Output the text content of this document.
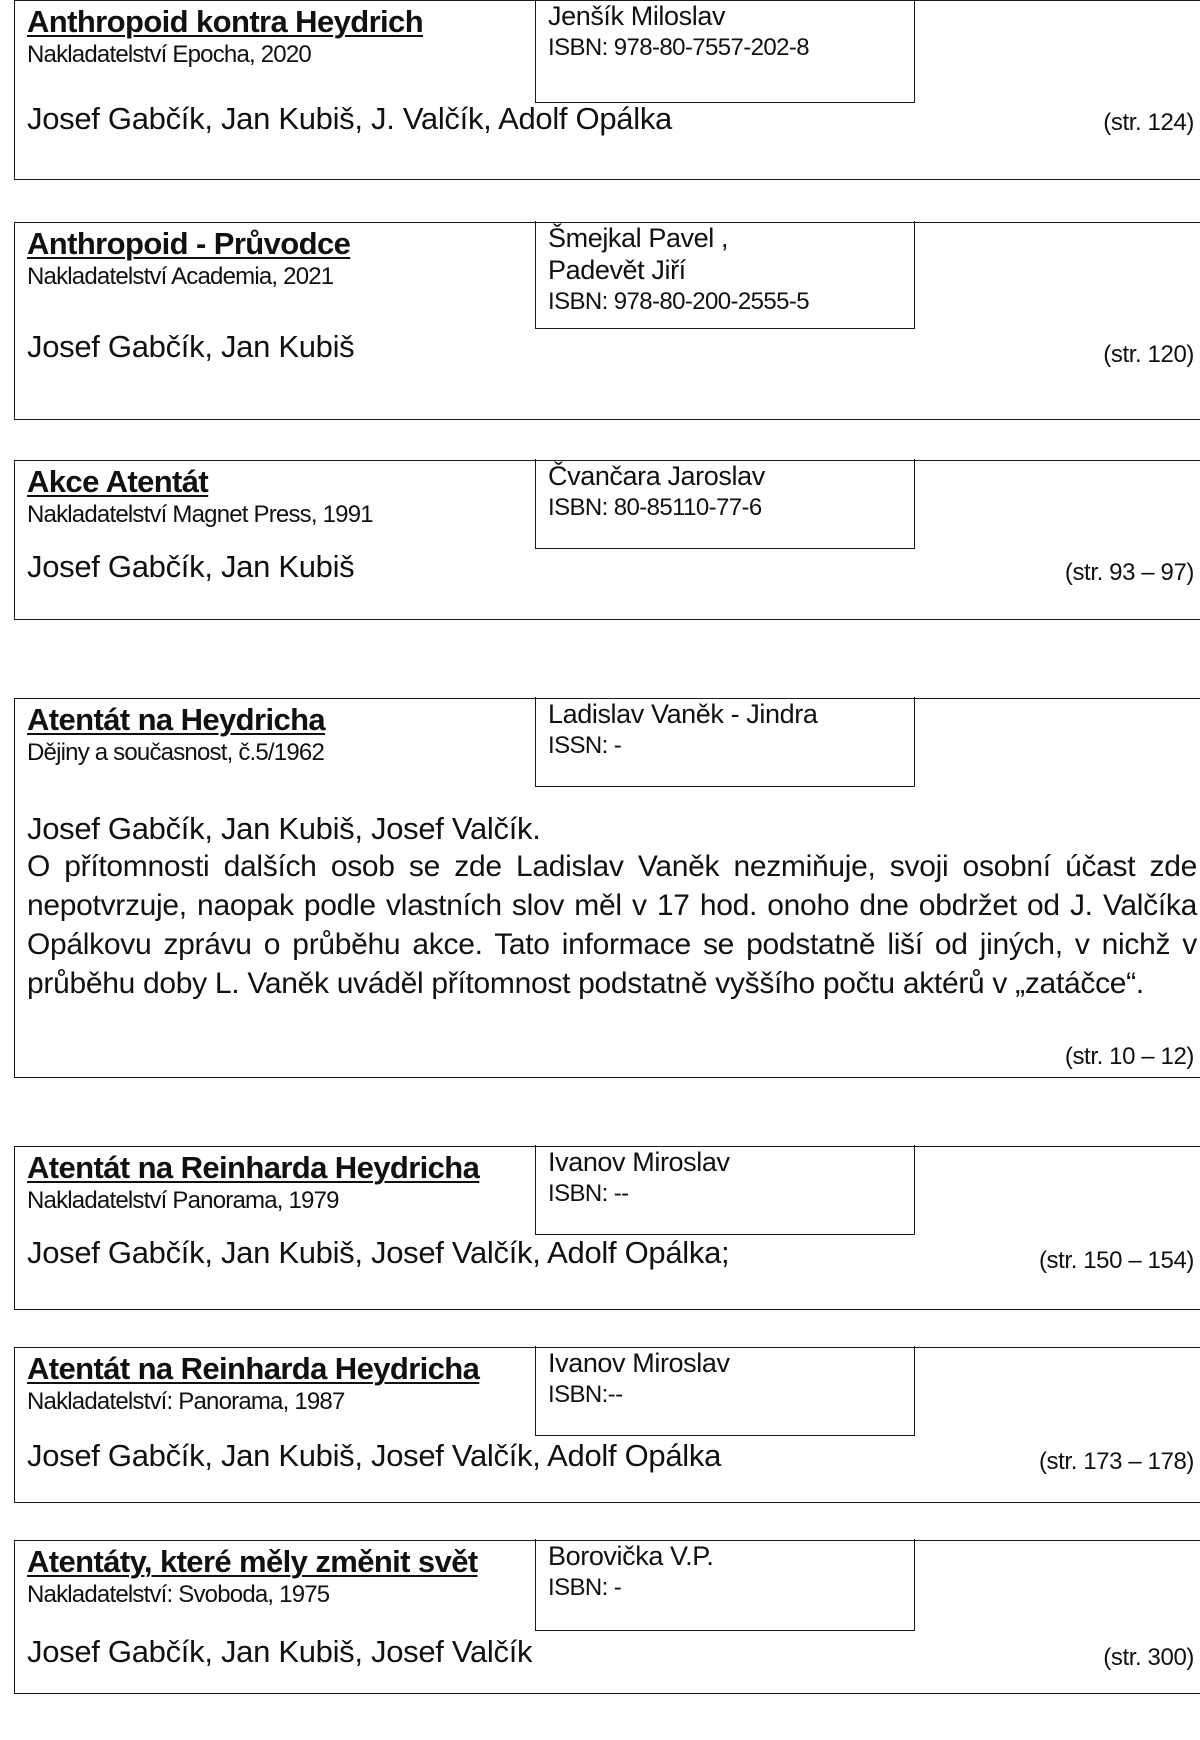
Anthropoid kontra Heydrich
Nakladatelství Epocha, 2020
Jenšík Miloslav
ISBN: 978-80-7557-202-8
Josef Gabčík, Jan Kubiš, J. Valčík, Adolf Opálka	(str. 124)
Anthropoid - Průvodce
Nakladatelství Academia, 2021
Šmejkal Pavel ,
Padevět Jiří
ISBN: 978-80-200-2555-5
Josef Gabčík, Jan Kubiš	(str. 120)
Akce Atentát
Nakladatelství Magnet Press, 1991
Čvančara Jaroslav
ISBN: 80-85110-77-6
Josef Gabčík, Jan Kubiš	(str. 93 – 97)
Atentát na Heydricha
Dějiny a současnost, č.5/1962
Ladislav Vaněk - Jindra
ISSN: -
Josef Gabčík, Jan Kubiš, Josef Valčík.
O přítomnosti dalších osob se zde Ladislav Vaněk nezmiňuje, svoji osobní účast zde nepotvrzuje, naopak podle vlastních slov měl v 17 hod. onoho dne obdržet od J. Valčíka Opálkovu zprávu o průběhu akce. Tato informace se podstatně liší od jiných, v nichž v průběhu doby L. Vaněk uváděl přítomnost podstatně vyššího počtu aktérů v „zatáčce“.
(str. 10 – 12)
Atentát na Reinharda Heydricha
Nakladatelství Panorama, 1979
Ivanov Miroslav
ISBN: --
Josef Gabčík, Jan Kubiš, Josef Valčík, Adolf Opálka;	(str. 150 – 154)
Atentát na Reinharda Heydricha
Nakladatelství: Panorama, 1987
Ivanov Miroslav
ISBN:--
Josef Gabčík, Jan Kubiš, Josef Valčík, Adolf Opálka	(str. 173 – 178)
Atentáty, které měly změnit svět
Nakladatelství: Svoboda, 1975
Borovička V.P.
ISBN: -
Josef Gabčík, Jan Kubiš, Josef Valčík	(str. 300)
